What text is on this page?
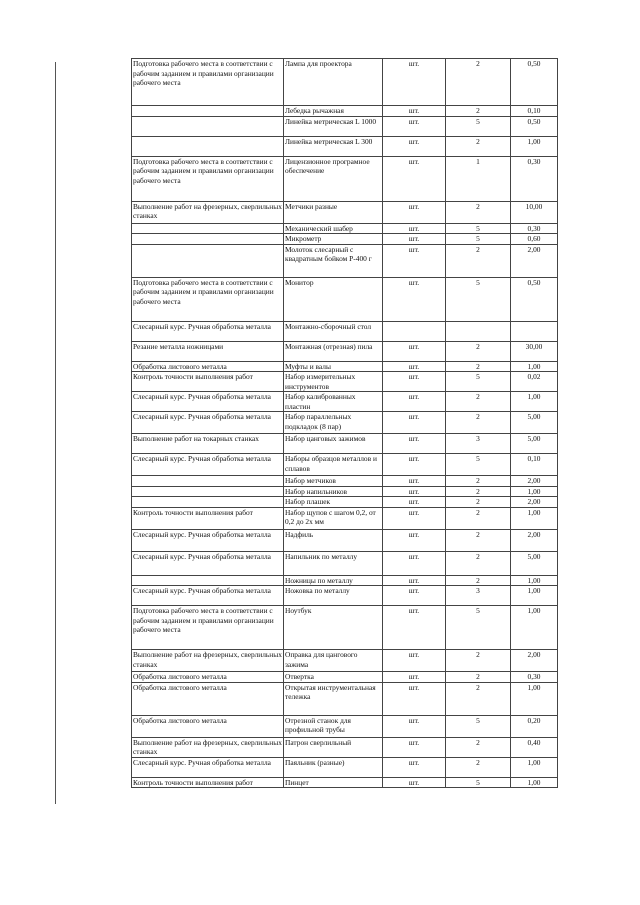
Подготовка рабочего места в соответствии с рабочим заданием и правилами организации рабочего места	Лампа для проектора	шт.	2	0,50
	Лебедка рычажная	шт.	2	0,10
	Линейка метрическая L 1000	шт.	5	0,50
	Линейка метрическая L 300	шт.	2	1,00
Подготовка рабочего места в соответствии с рабочим заданием и правилами организации рабочего места	Лицензионное програмное обеспечение	шт.	1	0,30
Выполнение работ на фрезерных, сверлильных станках	Метчики разные	шт.	2	10,00
	Механический шабер	шт.	5	0,30
	Микрометр	шт.	5	0,60
	Молоток слесарный с квадратным бойком Р-400 г	шт.	2	2,00
Подготовка рабочего места в соответствии с рабочим заданием и правилами организации рабочего места	Монитор	шт.	5	0,50
Слесарный курс. Ручная обработка металла	Монтажно-сборочный стол			
Резание металла ножницами	Монтажная (отрезная) пила	шт.	2	30,00
Обработка листового металла	Муфты и валы	шт.	2	1,00
Контроль точности выполнения работ	Набор измерительных инструментов	шт.	5	0,02
Слесарный курс. Ручная обработка металла	Набор калиброванных пластин	шт.	2	1,00
Слесарный курс. Ручная обработка металла	Набор параллельных подкладок (8 пар)	шт.	2	5,00
Выполнение работ на токарных станках	Набор цанговых зажимов	шт.	3	5,00
Слесарный курс. Ручная обработка металла	Наборы образцов металлов и сплавов	шт.	5	0,10
	Набор метчиков	шт.	2	2,00
	Набор напильников	шт.	2	1,00
	Набор плашек	шт.	2	2,00
Контроль точности выполнения работ	Набор щупов с шагом 0,2, от 0,2 до 2х мм	шт.	2	1,00
Слесарный курс. Ручная обработка металла	Надфиль	шт.	2	2,00
Слесарный курс. Ручная обработка металла	Напильник по металлу	шт.	2	5,00
	Ножницы по металлу	шт.	2	1,00
Слесарный курс. Ручная обработка металла	Ножовка по металлу	шт.	3	1,00
Подготовка рабочего места в соответствии с рабочим заданием и правилами организации рабочего места	Ноутбук	шт.	5	1,00
Выполнение работ на фрезерных, сверлильных станках	Оправка для цангового зажима	шт.	2	2,00
Обработка листового металла	Отвертка	шт.	2	0,30
Обработка листового металла	Открытая инструментальная тележка	шт.	2	1,00
Обработка листового металла	Отрезной станок для профильной трубы	шт.	5	0,20
Выполнение работ на фрезерных, сверлильных станках	Патрон сверлильный	шт.	2	0,40
Слесарный курс. Ручная обработка металла	Паяльник (разные)	шт.	2	1,00
Контроль точности выполнения работ	Пинцет	шт.	5	1,00
